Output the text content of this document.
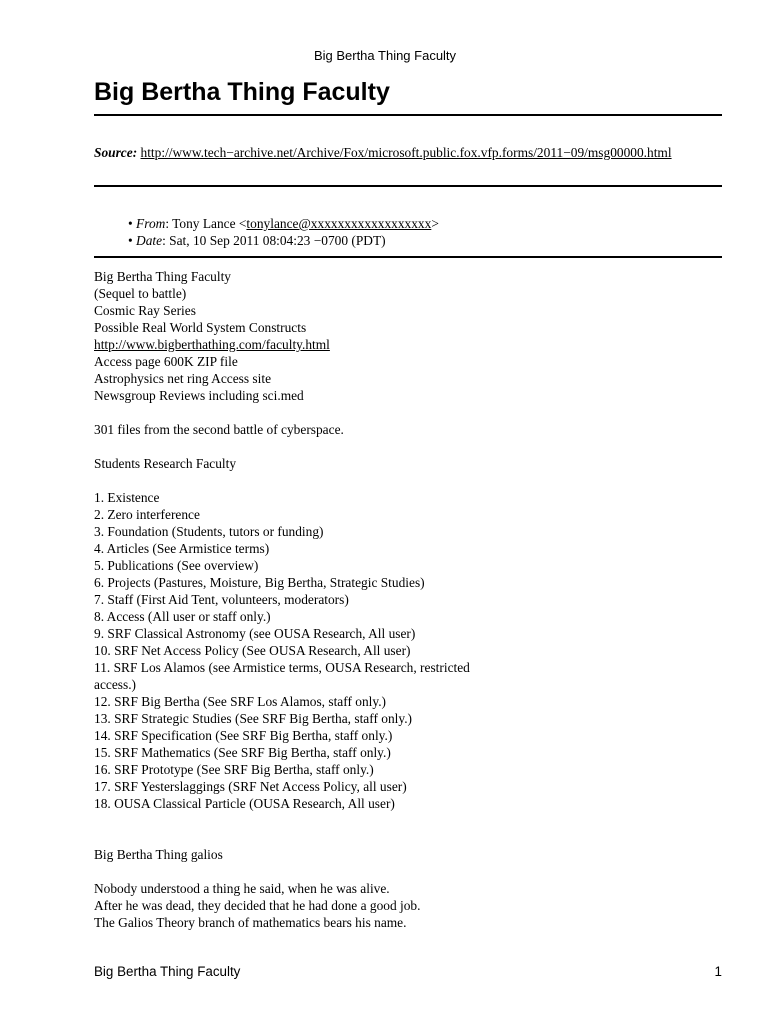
Big Bertha Thing Faculty
Big Bertha Thing Faculty
Source: http://www.tech−archive.net/Archive/Fox/microsoft.public.fox.vfp.forms/2011−09/msg00000.html
• From: Tony Lance <tonylance@xxxxxxxxxxxxxxxxxx>
• Date: Sat, 10 Sep 2011 08:04:23 −0700 (PDT)
Big Bertha Thing Faculty
(Sequel to battle)
Cosmic Ray Series
Possible Real World System Constructs
http://www.bigberthathing.com/faculty.html
Access page 600K ZIP file
Astrophysics net ring Access site
Newsgroup Reviews including sci.med
301 files from the second battle of cyberspace.
Students Research Faculty
1. Existence
2. Zero interference
3. Foundation (Students, tutors or funding)
4. Articles (See Armistice terms)
5. Publications (See overview)
6. Projects (Pastures, Moisture, Big Bertha, Strategic Studies)
7. Staff (First Aid Tent, volunteers, moderators)
8. Access (All user or staff only.)
9. SRF Classical Astronomy (see OUSA Research, All user)
10. SRF Net Access Policy (See OUSA Research, All user)
11. SRF Los Alamos (see Armistice terms, OUSA Research, restricted
access.)
12. SRF Big Bertha (See SRF Los Alamos, staff only.)
13. SRF Strategic Studies (See SRF Big Bertha, staff only.)
14. SRF Specification (See SRF Big Bertha, staff only.)
15. SRF Mathematics (See SRF Big Bertha, staff only.)
16. SRF Prototype (See SRF Big Bertha, staff only.)
17. SRF Yesterslaggings (SRF Net Access Policy, all user)
18. OUSA Classical Particle (OUSA Research, All user)
Big Bertha Thing galios
Nobody understood a thing he said, when he was alive.
After he was dead, they decided that he had done a good job.
The Galios Theory branch of mathematics bears his name.
Big Bertha Thing Faculty	1
